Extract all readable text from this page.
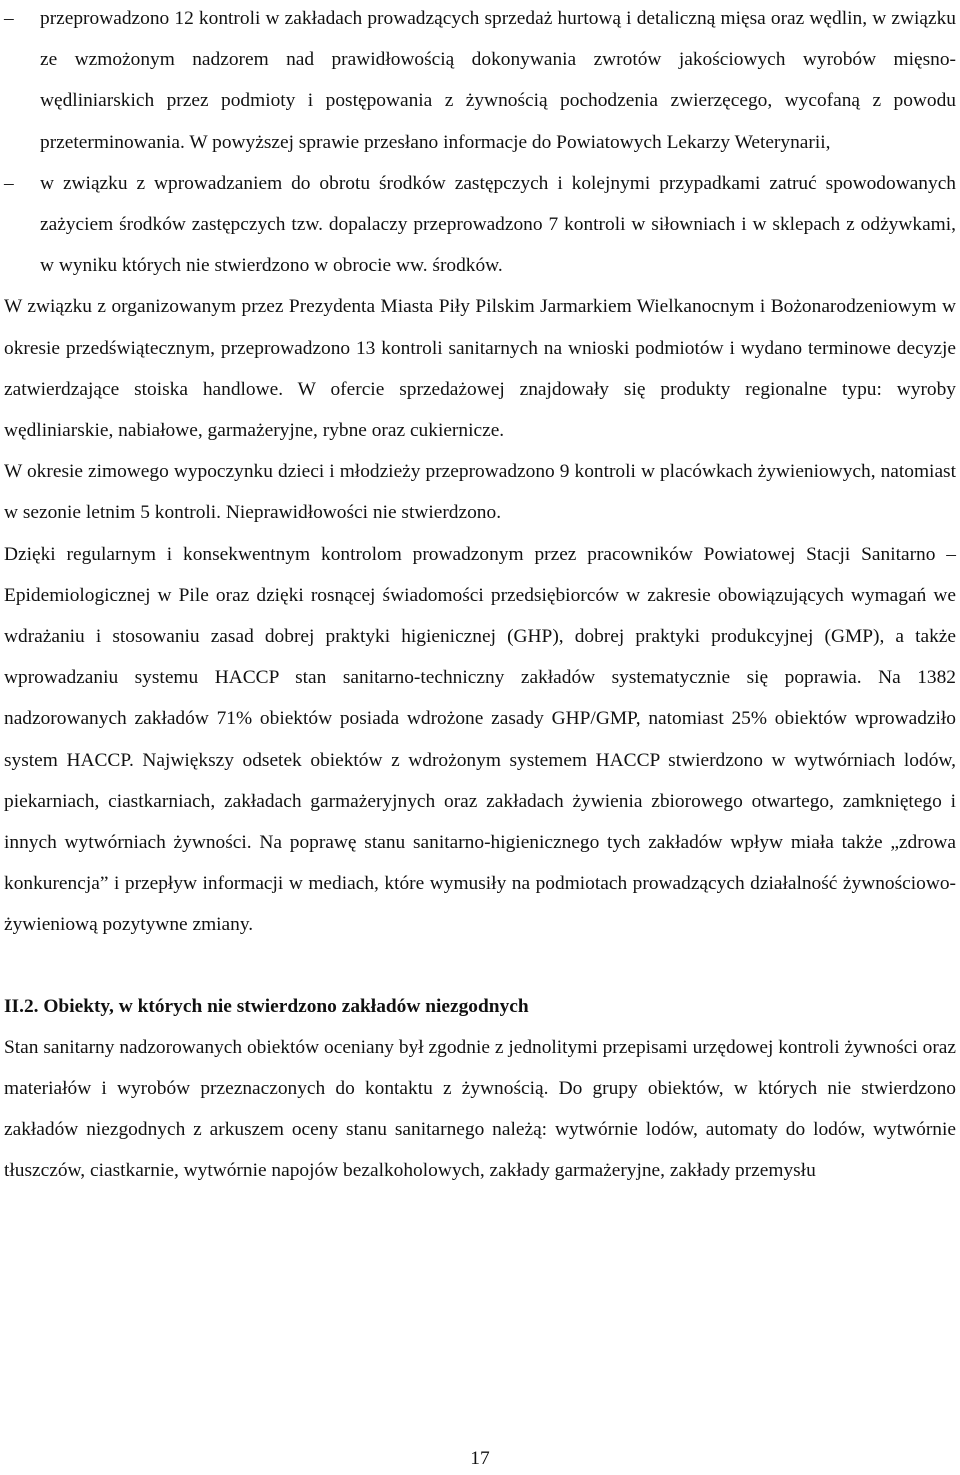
– przeprowadzono 12 kontroli w zakładach prowadzących sprzedaż hurtową i detaliczną mięsa oraz wędlin, w związku ze wzmożonym nadzorem nad prawidłowością dokonywania zwrotów jakościowych wyrobów mięsno-wędliniarskich przez podmioty i postępowania z żywnością pochodzenia zwierzęcego, wycofaną z powodu przeterminowania. W powyższej sprawie przesłano informacje do Powiatowych Lekarzy Weterynarii,
– w związku z wprowadzaniem do obrotu środków zastępczych i kolejnymi przypadkami zatruć spowodowanych zażyciem środków zastępczych tzw. dopalaczy przeprowadzono 7 kontroli w siłowniach i w sklepach z odżywkami, w wyniku których nie stwierdzono w obrocie ww. środków.
W związku z organizowanym przez Prezydenta Miasta Piły Pilskim Jarmarkiem Wielkanocnym i Bożonarodzeniowym w okresie przedświątecznym, przeprowadzono 13 kontroli sanitarnych na wnioski podmiotów i wydano terminowe decyzje zatwierdzające stoiska handlowe. W ofercie sprzedażowej znajdowały się produkty regionalne typu: wyroby wędliniarskie, nabiałowe, garmażeryjne, rybne oraz cukiernicze.
W okresie zimowego wypoczynku dzieci i młodzieży przeprowadzono 9 kontroli w placówkach żywieniowych, natomiast w sezonie letnim 5 kontroli. Nieprawidłowości nie stwierdzono.
Dzięki regularnym i konsekwentnym kontrolom prowadzonym przez pracowników Powiatowej Stacji Sanitarno – Epidemiologicznej w Pile oraz dzięki rosnącej świadomości przedsiębiorców w zakresie obowiązujących wymagań we wdrażaniu i stosowaniu zasad dobrej praktyki higienicznej (GHP), dobrej praktyki produkcyjnej (GMP), a także wprowadzaniu systemu HACCP stan sanitarno-techniczny zakładów systematycznie się poprawia. Na 1382 nadzorowanych zakładów 71% obiektów posiada wdrożone zasady GHP/GMP, natomiast 25% obiektów wprowadziło system HACCP. Największy odsetek obiektów z wdrożonym systemem HACCP stwierdzono w wytwórniach lodów, piekarniach, ciastkarniach, zakładach garmażeryjnych oraz zakładach żywienia zbiorowego otwartego, zamkniętego i innych wytwórniach żywności. Na poprawę stanu sanitarno-higienicznego tych zakładów wpływ miała także „zdrowa konkurencja” i przepływ informacji w mediach, które wymusiły na podmiotach prowadzących działalność żywnościowo-żywieniową pozytywne zmiany.
II.2. Obiekty, w których nie stwierdzono zakładów niezgodnych
Stan sanitarny nadzorowanych obiektów oceniany był zgodnie z jednolitymi przepisami urzędowej kontroli żywności oraz materiałów i wyrobów przeznaczonych do kontaktu z żywnością. Do grupy obiektów, w których nie stwierdzono zakładów niezgodnych z arkuszem oceny stanu sanitarnego należą: wytwórnie lodów, automaty do lodów, wytwórnie tłuszczów, ciastkarnie, wytwórnie napojów bezalkoholowych, zakłady garmażeryjne, zakłady przemysłu
17
